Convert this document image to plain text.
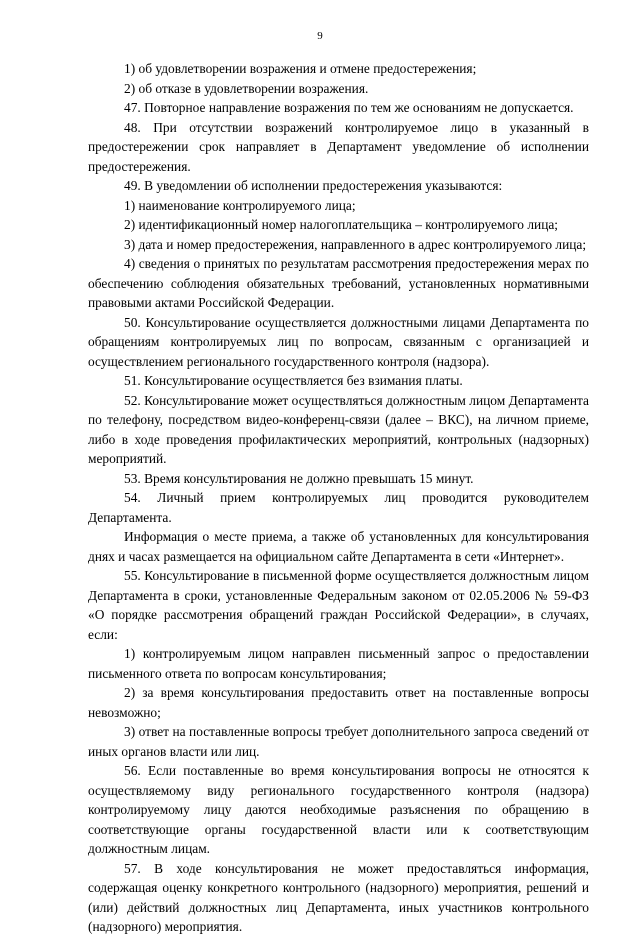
9

1) об удовлетворении возражения и отмене предостережения;

2) об отказе в удовлетворении возражения.

47. Повторное направление возражения по тем же основаниям не допускается.

48. При отсутствии возражений контролируемое лицо в указанный в предостережении срок направляет в Департамент уведомление об исполнении предостережения.

49. В уведомлении об исполнении предостережения указываются:

1) наименование контролируемого лица;

2) идентификационный номер налогоплательщика – контролируемого лица;

3) дата и номер предостережения, направленного в адрес контролируемого лица;

4) сведения о принятых по результатам рассмотрения предостережения мерах по обеспечению соблюдения обязательных требований, установленных нормативными правовыми актами Российской Федерации.

50. Консультирование осуществляется должностными лицами Департамента по обращениям контролируемых лиц по вопросам, связанным с организацией и осуществлением регионального государственного контроля (надзора).

51. Консультирование осуществляется без взимания платы.

52. Консультирование может осуществляться должностным лицом Департамента по телефону, посредством видео-конференц-связи (далее – ВКС), на личном приеме, либо в ходе проведения профилактических мероприятий, контрольных (надзорных) мероприятий.

53. Время консультирования не должно превышать 15 минут.

54. Личный прием контролируемых лиц проводится руководителем Департамента.

Информация о месте приема, а также об установленных для консультирования днях и часах размещается на официальном сайте Департамента в сети «Интернет».

55. Консультирование в письменной форме осуществляется должностным лицом Департамента в сроки, установленные Федеральным законом от 02.05.2006 № 59-ФЗ «О порядке рассмотрения обращений граждан Российской Федерации», в случаях, если:

1) контролируемым лицом направлен письменный запрос о предоставлении письменного ответа по вопросам консультирования;

2) за время консультирования предоставить ответ на поставленные вопросы невозможно;

3) ответ на поставленные вопросы требует дополнительного запроса сведений от иных органов власти или лиц.

56. Если поставленные во время консультирования вопросы не относятся к осуществляемому виду регионального государственного контроля (надзора) контролируемому лицу даются необходимые разъяснения по обращению в соответствующие органы государственной власти или к соответствующим должностным лицам.

57. В ходе консультирования не может предоставляться информация, содержащая оценку конкретного контрольного (надзорного) мероприятия, решений и (или) действий должностных лиц Департамента, иных участников контрольного (надзорного) мероприятия.
